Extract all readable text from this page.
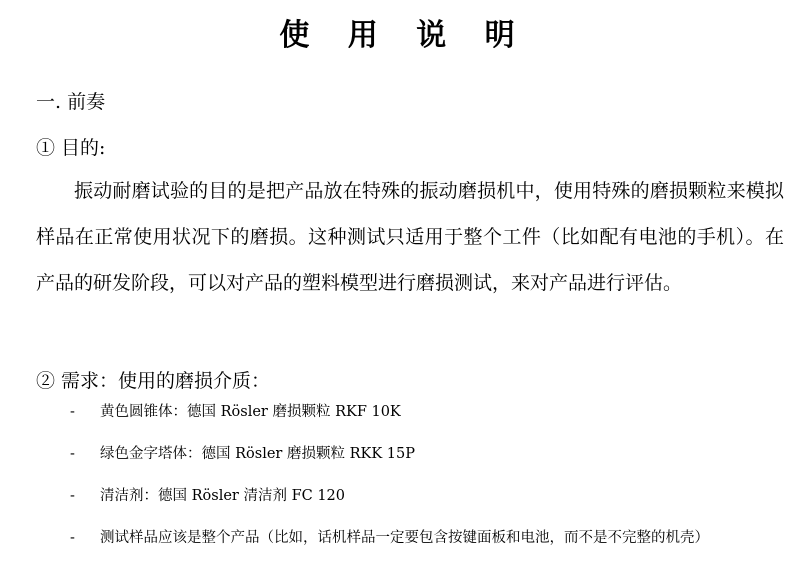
使 用 说 明
一. 前奏
① 目的:
振动耐磨试验的目的是把产品放在特殊的振动磨损机中，使用特殊的磨损颗粒来模拟样品在正常使用状况下的磨损。这种测试只适用于整个工件（比如配有电池的手机）。在产品的研发阶段，可以对产品的塑料模型进行磨损测试，来对产品进行评估。
② 需求：使用的磨损介质：
-	黄色圆锥体：德国 Rösler 磨损颗粒 RKF 10K
-	绿色金字塔体：德国 Rösler 磨损颗粒 RKK 15P
-	清洁剂：德国 Rösler 清洁剂 FC 120
-	测试样品应该是整个产品（比如，话机样品一定要包含按键面板和电池，而不是不完整的机壳）
